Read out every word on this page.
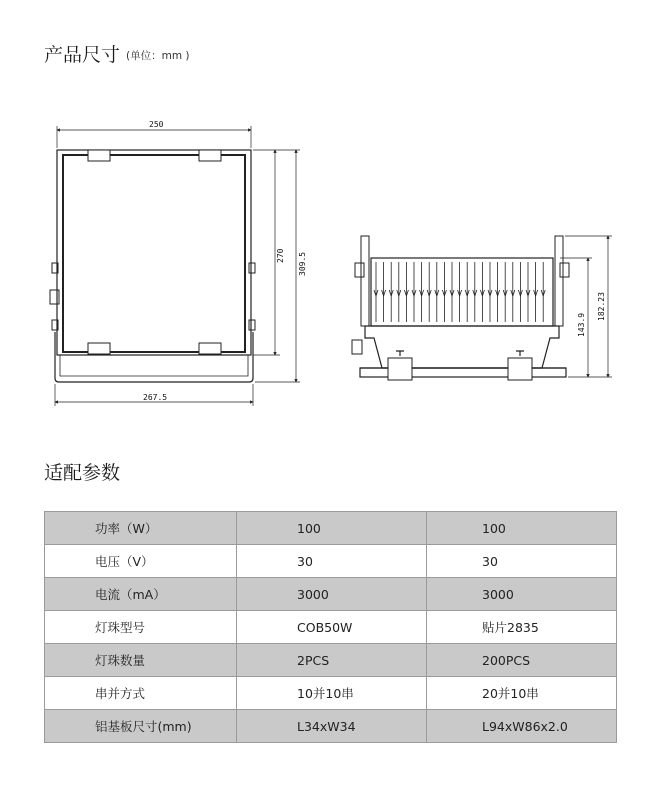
产品尺寸 (单位：mm )
250
267.5
270 309.5
143.9
182.23
适配参数
功率（W）	100	100
电压（V）	30	30
电流（mA）	3000	3000
灯珠型号	COB50W	贴片2835
灯珠数量	2PCS	200PCS
串并方式	10并10串	20并10串
铝基板尺寸(mm)	L34xW34	L94xW86x2.0
